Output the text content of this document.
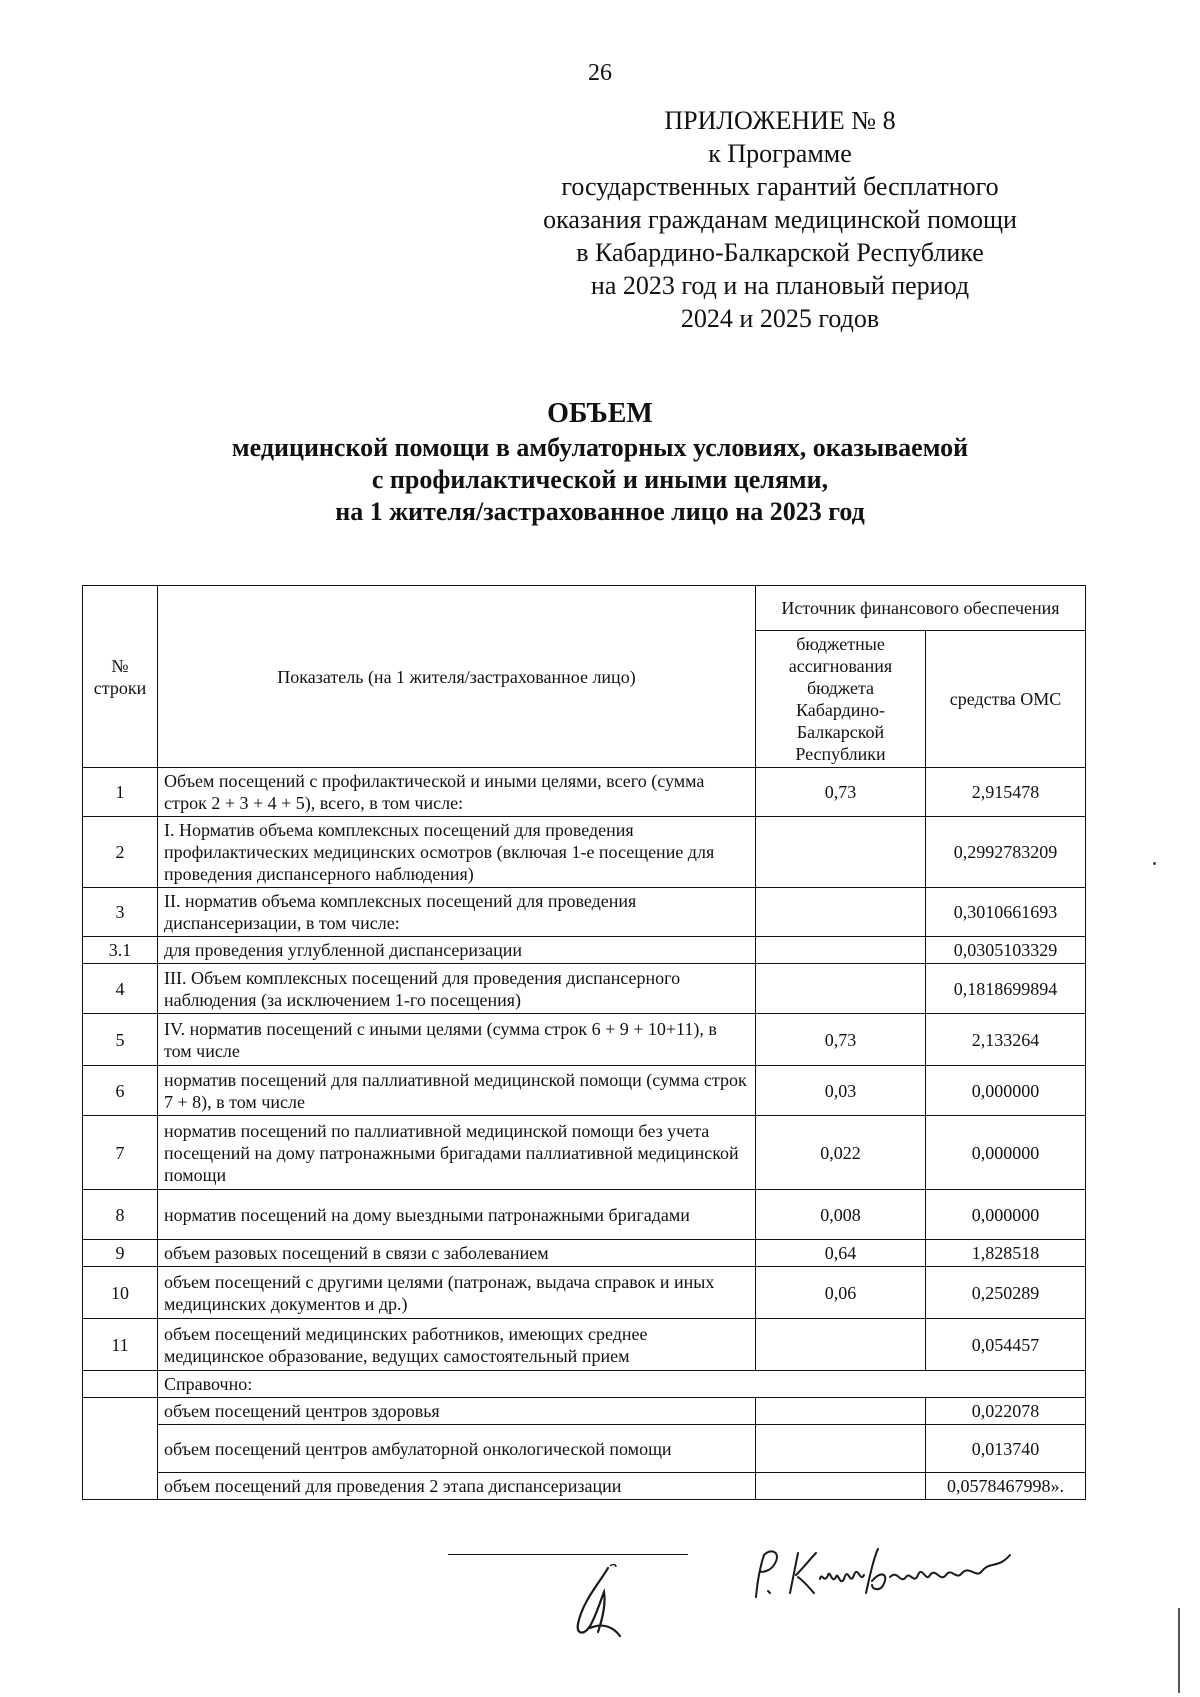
26
ПРИЛОЖЕНИЕ № 8
к Программе
государственных гарантий бесплатного
оказания гражданам медицинской помощи
в Кабардино-Балкарской Республике
на 2023 год и на плановый период
2024 и 2025 годов
ОБЪЕМ
медицинской помощи в амбулаторных условиях, оказываемой
с профилактической и иными целями,
на 1 жителя/застрахованное лицо на 2023 год
№ строки	Показатель (на 1 жителя/застрахованное лицо)	Источник финансового обеспечения	
		бюджетные ассигнования бюджета Кабардино-Балкарской Республики	средства ОМС
1	Объем посещений с профилактической и иными целями, всего (сумма строк 2 + 3 + 4 + 5), всего, в том числе:	0,73	2,915478
2	I. Норматив объема комплексных посещений для проведения профилактических медицинских осмотров (включая 1-е посещение для проведения диспансерного наблюдения)		0,2992783209
3	II. норматив объема комплексных посещений для проведения диспансеризации, в том числе:		0,3010661693
3.1	для проведения углубленной диспансеризации		0,0305103329
4	III. Объем комплексных посещений для проведения диспансерного наблюдения (за исключением 1-го посещения)		0,1818699894
5	IV. норматив посещений с иными целями (сумма строк 6 + 9 + 10+11), в том числе	0,73	2,133264
6	норматив посещений для паллиативной медицинской помощи (сумма строк 7 + 8), в том числе	0,03	0,000000
7	норматив посещений по паллиативной медицинской помощи без учета посещений на дому патронажными бригадами паллиативной медицинской помощи	0,022	0,000000
8	норматив посещений на дому выездными патронажными бригадами	0,008	0,000000
9	объем разовых посещений в связи с заболеванием	0,64	1,828518
10	объем посещений с другими целями (патронаж, выдача справок и иных медицинских документов и др.)	0,06	0,250289
11	объем посещений медицинских работников, имеющих среднее медицинское образование, ведущих самостоятельный прием		0,054457
	Справочно:		
	объем посещений центров здоровья		0,022078
	объем посещений центров амбулаторной онкологической помощи		0,013740
	объем посещений для проведения 2 этапа диспансеризации		0,0578467998».
